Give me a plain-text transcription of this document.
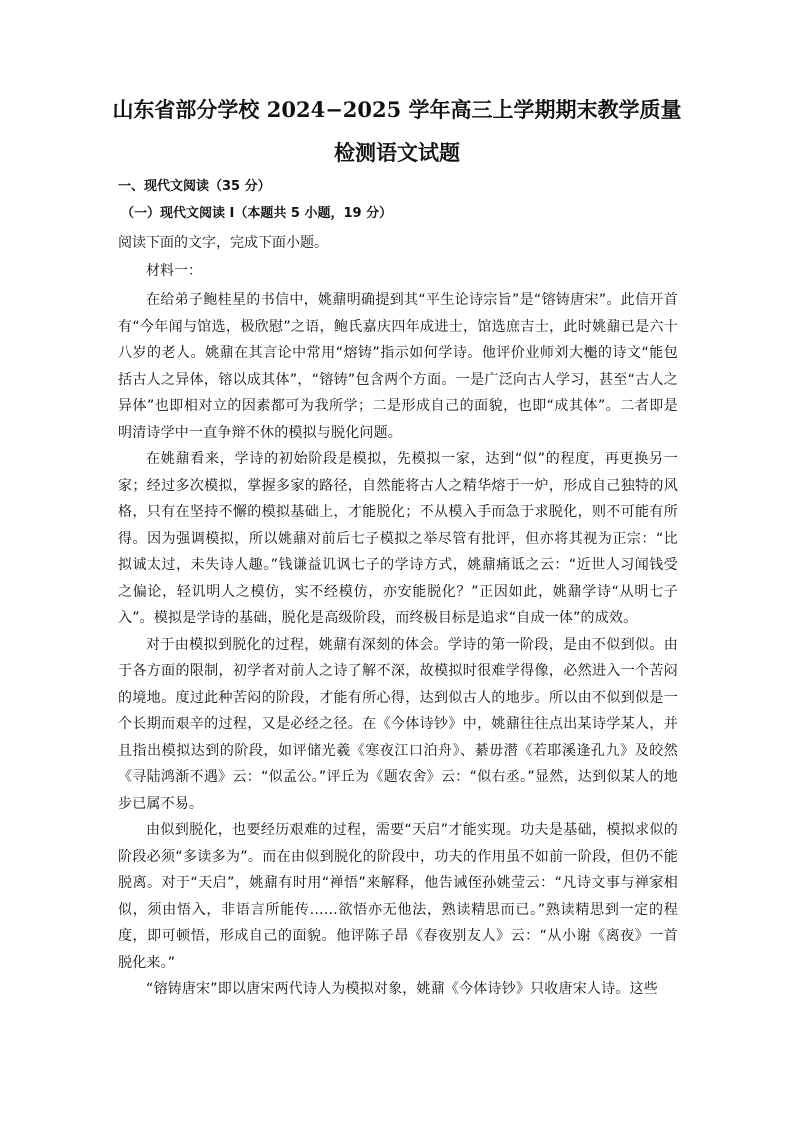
山东省部分学校 2024−2025 学年高三上学期期末教学质量
检测语文试题
一、现代文阅读（35 分）
（一）现代文阅读 I（本题共 5 小题，19 分）
阅读下面的文字，完成下面小题。
材料一：

在给弟子鲍桂星的书信中，姚鼐明确提到其“平生论诗宗旨”是“镕铸唐宋”。此信开首有“今年闻与馆选，极欣慰”之语，鲍氏嘉庆四年成进士，馆选庶吉士，此时姚鼐已是六十八岁的老人。姚鼐在其言论中常用“熔铸”指示如何学诗。他评价业师刘大櫆的诗文“能包括古人之异体，镕以成其体”，“镕铸”包含两个方面。一是广泛向古人学习，甚至“古人之异体”也即相对立的因素都可为我所学；二是形成自己的面貌，也即“成其体”。二者即是明清诗学中一直争辩不休的模拟与脱化问题。

在姚鼐看来，学诗的初始阶段是模拟，先模拟一家，达到“似”的程度，再更换另一家；经过多次模拟，掌握多家的路径，自然能将古人之精华熔于一炉，形成自己独特的风格，只有在坚持不懈的模拟基础上，才能脱化；不从模入手而急于求脱化，则不可能有所得。因为强调模拟，所以姚鼐对前后七子模拟之举尽管有批评，但亦将其视为正宗：“比拟诚太过，未失诗人趣。”钱谦益讥讽七子的学诗方式，姚鼐痛诋之云：“近世人习闻钱受之偏论，轻讥明人之模仿，实不经模仿，亦安能脱化？”正因如此，姚鼐学诗“从明七子入”。模拟是学诗的基础，脱化是高级阶段，而终极目标是追求“自成一体”的成效。

对于由模拟到脱化的过程，姚鼐有深刻的体会。学诗的第一阶段，是由不似到似。由于各方面的限制，初学者对前人之诗了解不深，故模拟时很难学得像，必然进入一个苦闷的境地。度过此种苦闷的阶段，才能有所心得，达到似古人的地步。所以由不似到似是一个长期而艰辛的过程，又是必经之径。在《今体诗钞》中，姚鼐往往点出某诗学某人，并且指出模拟达到的阶段，如评储光羲《寒夜江口泊舟》、綦毋潜《若耶溪逢孔九》及皎然《寻陆鸿渐不遇》云：“似孟公。”评丘为《题农舍》云：“似右丞。”显然，达到似某人的地步已属不易。

由似到脱化，也要经历艰难的过程，需要“天启”才能实现。功夫是基础，模拟求似的阶段必须“多读多为”。而在由似到脱化的阶段中，功夫的作用虽不如前一阶段，但仍不能脱离。对于“天启”，姚鼐有时用“禅悟”来解释，他告诫侄孙姚莹云：“凡诗文事与禅家相似，须由悟入，非语言所能传……欲悟亦无他法，熟读精思而已。”熟读精思到一定的程度，即可顿悟，形成自己的面貌。他评陈子昂《春夜别友人》云：“从小谢《离夜》一首脱化来。”

“镕铸唐宋”即以唐宋两代诗人为模拟对象，姚鼐《今体诗钞》只收唐宋人诗。这些
